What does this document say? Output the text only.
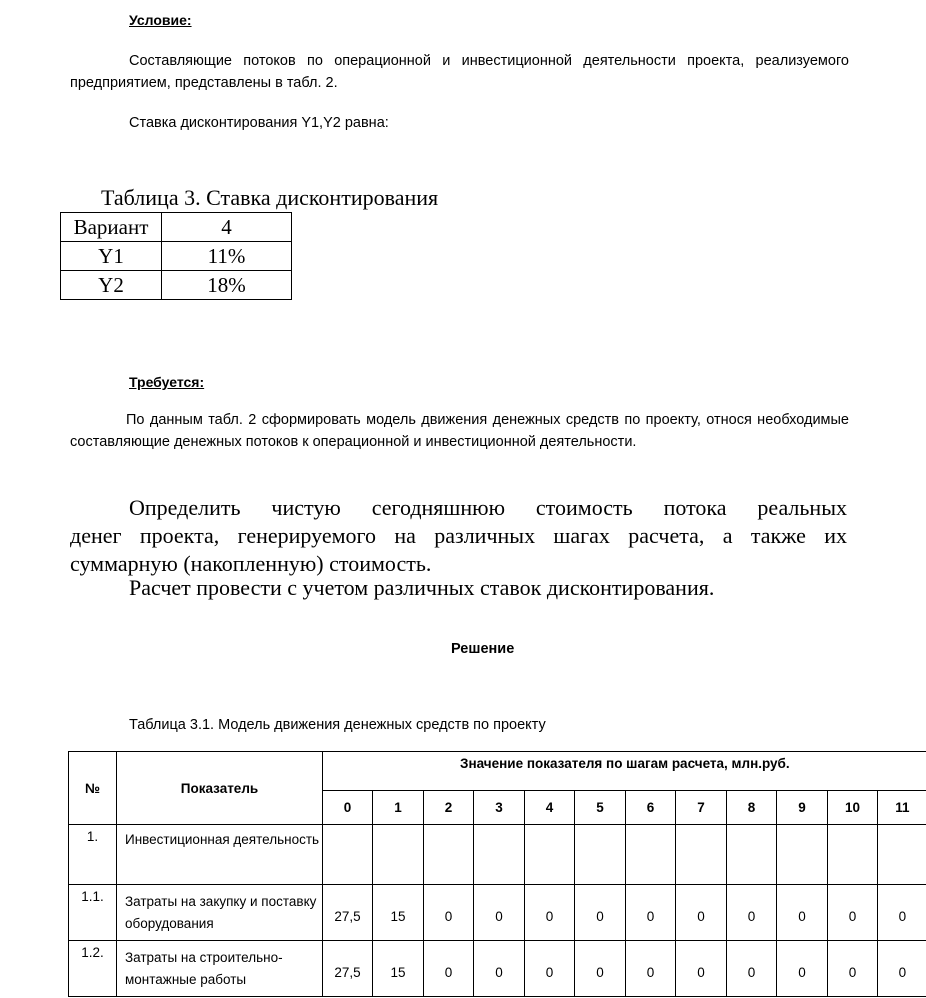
Условие:
Составляющие потоков по операционной и инвестиционной деятельности проекта, реализуемого предприятием, представлены в табл. 2.
Ставка дисконтирования Y1,Y2 равна:
Таблица 3. Ставка дисконтирования
Вариант	4
Y1	11%
Y2	18%
Требуется:
По данным табл. 2 сформировать модель движения денежных средств по проекту, относя необходимые составляющие денежных потоков к операционной и инвестиционной деятельности.
Определить чистую сегодняшнюю стоимость потока реальных
денег проекта, генерируемого на различных шагах расчета, а также их
суммарную (накопленную) стоимость.
Расчет провести с учетом различных ставок дисконтирования.
Решение
Таблица 3.1. Модель движения денежных средств по проекту
№	Показатель	Значение показателя по шагам расчета, млн.руб.											
		0	1	2	3	4	5	6	7	8	9	10	11
1.	Инвестиционная деятельность												
1.1.	Затраты на закупку и поставку оборудования	27,5	15	0	0	0	0	0	0	0	0	0	0
1.2.	Затраты на строительно-монтажные работы	27,5	15	0	0	0	0	0	0	0	0	0	0
